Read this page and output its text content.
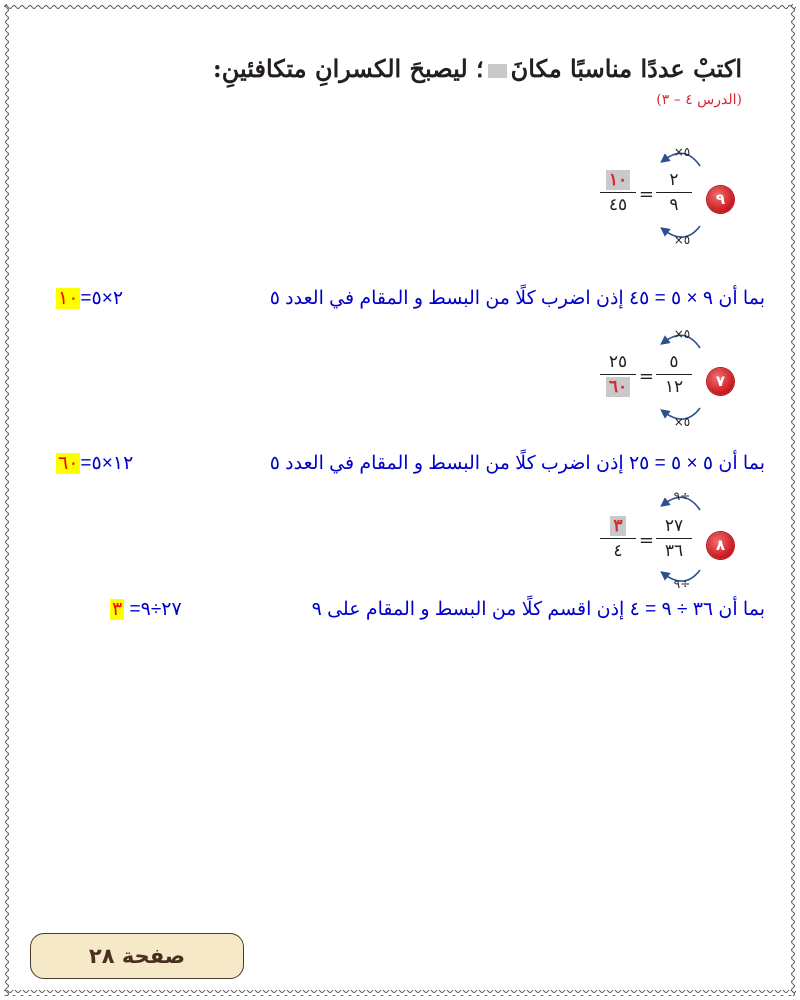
اكتبْ عددًا مناسبًا مكانَ؛ ليصبحَ الكسرانِ متكافئينِ:
(الدرس ٤ – ٣)
٩
٥×
٥×
٢
٩
=
١٠
٤٥
بما أن ٩ × ٥ = ٤٥ إذن اضرب كلًا من البسط و المقام في العدد ٥
٢×٥=١٠
٧
٥×
٥×
٥
١٢
=
٢٥
٦٠
بما أن ٥ × ٥ = ٢٥ إذن اضرب كلًا من البسط و المقام في العدد ٥
١٢×٥=٦٠
٨
÷٩
÷٩
٢٧
٣٦
=
٣
٤
بما أن ٣٦ ÷ ٩ = ٤ إذن اقسم كلًا من البسط و المقام على ٩
٢٧÷٩= ٣
صفحة ٢٨
